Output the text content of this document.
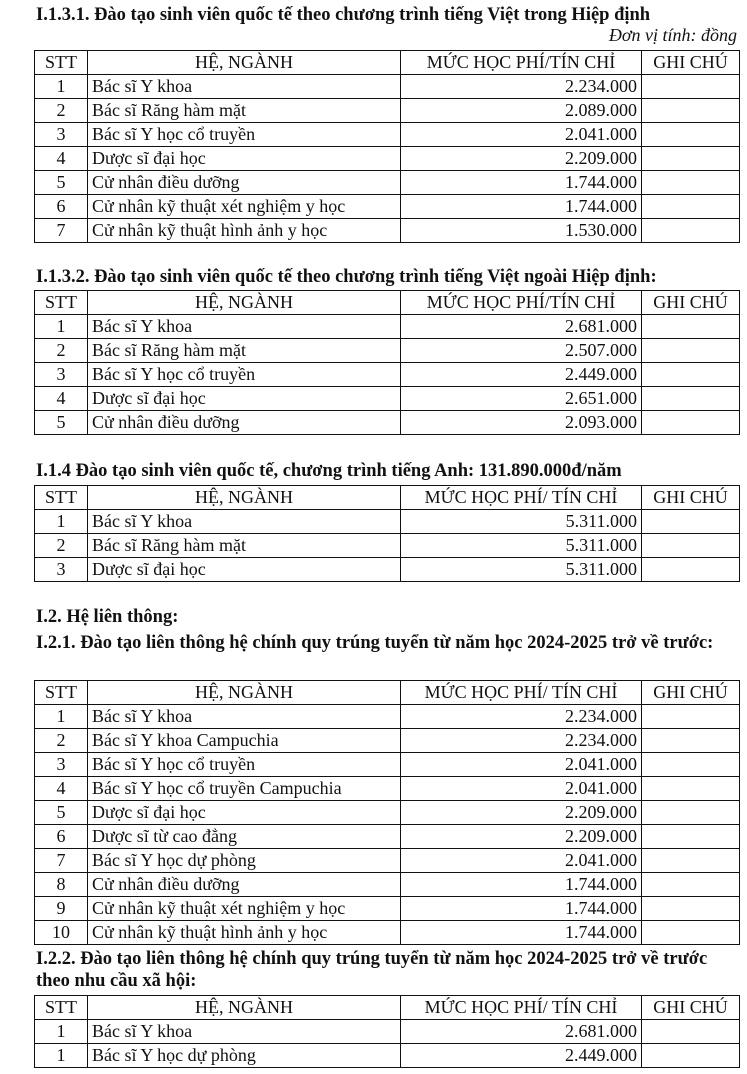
I.1.3.1. Đào tạo sinh viên quốc tế theo chương trình tiếng Việt trong Hiệp định
Đơn vị tính: đồng
STT	HỆ, NGÀNH	MỨC HỌC PHÍ/TÍN CHỈ	GHI CHÚ
1	Bác sĩ Y khoa	2.234.000	
2	Bác sĩ Răng hàm mặt	2.089.000	
3	Bác sĩ Y học cổ truyền	2.041.000	
4	Dược sĩ đại học	2.209.000	
5	Cử nhân điều dưỡng	1.744.000	
6	Cử nhân kỹ thuật xét nghiệm y học	1.744.000	
7	Cử nhân kỹ thuật hình ảnh y học	1.530.000	
I.1.3.2. Đào tạo sinh viên quốc tế theo chương trình tiếng Việt ngoài Hiệp định:
STT	HỆ, NGÀNH	MỨC HỌC PHÍ/TÍN CHỈ	GHI CHÚ
1	Bác sĩ Y khoa	2.681.000	
2	Bác sĩ Răng hàm mặt	2.507.000	
3	Bác sĩ Y học cổ truyền	2.449.000	
4	Dược sĩ đại học	2.651.000	
5	Cử nhân điều dưỡng	2.093.000	
I.1.4 Đào tạo sinh viên quốc tế, chương trình tiếng Anh: 131.890.000đ/năm
STT	HỆ, NGÀNH	MỨC HỌC PHÍ/ TÍN CHỈ	GHI CHÚ
1	Bác sĩ Y khoa	5.311.000	
2	Bác sĩ Răng hàm mặt	5.311.000	
3	Dược sĩ đại học	5.311.000	
I.2. Hệ liên thông:

I.2.1. Đào tạo liên thông hệ chính quy trúng tuyển từ năm học 2024-2025 trở về trước:

STT	HỆ, NGÀNH	MỨC HỌC PHÍ/ TÍN CHỈ	GHI CHÚ
1	Bác sĩ Y khoa	2.234.000	
2	Bác sĩ Y khoa Campuchia	2.234.000	
3	Bác sĩ Y học cổ truyền	2.041.000	
4	Bác sĩ Y học cổ truyền Campuchia	2.041.000	
5	Dược sĩ đại học	2.209.000	
6	Dược sĩ từ cao đẳng	2.209.000	
7	Bác sĩ Y học dự phòng	2.041.000	
8	Cử nhân điều dưỡng	1.744.000	
9	Cử nhân kỹ thuật xét nghiệm y học	1.744.000	
10	Cử nhân kỹ thuật hình ảnh y học	1.744.000	

I.2.2. Đào tạo liên thông hệ chính quy trúng tuyển từ năm học 2024-2025 trở về trước theo nhu cầu xã hội:

STT	HỆ, NGÀNH	MỨC HỌC PHÍ/ TÍN CHỈ	GHI CHÚ
1	Bác sĩ Y khoa	2.681.000	
1	Bác sĩ Y học dự phòng	2.449.000	
